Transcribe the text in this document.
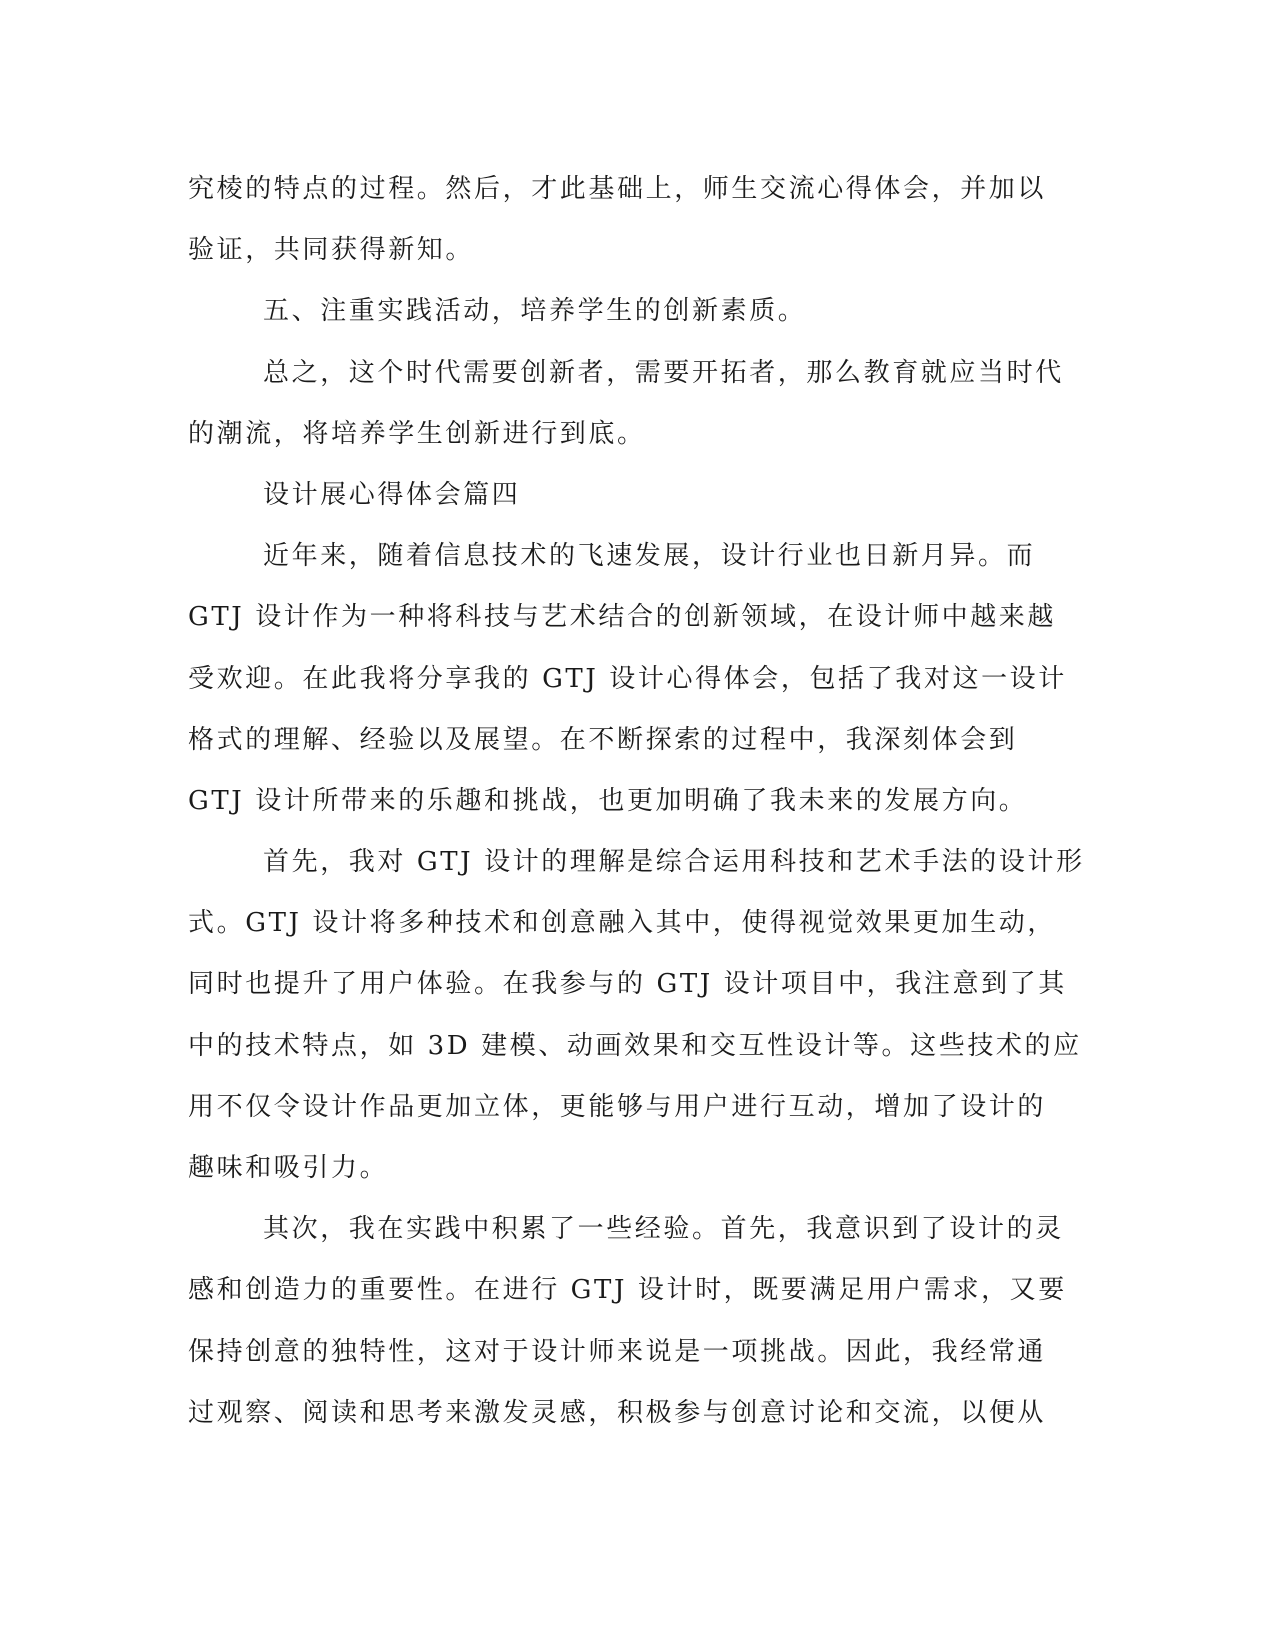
究棱的特点的过程。然后，才此基础上，师生交流心得体会，并加以
验证，共同获得新知。
五、注重实践活动，培养学生的创新素质。
总之，这个时代需要创新者，需要开拓者，那么教育就应当时代
的潮流，将培养学生创新进行到底。
设计展心得体会篇四
近年来，随着信息技术的飞速发展，设计行业也日新月异。而
GTJ 设计作为一种将科技与艺术结合的创新领域，在设计师中越来越
受欢迎。在此我将分享我的 GTJ 设计心得体会，包括了我对这一设计
格式的理解、经验以及展望。在不断探索的过程中，我深刻体会到
GTJ 设计所带来的乐趣和挑战，也更加明确了我未来的发展方向。
首先，我对 GTJ 设计的理解是综合运用科技和艺术手法的设计形
式。GTJ 设计将多种技术和创意融入其中，使得视觉效果更加生动，
同时也提升了用户体验。在我参与的 GTJ 设计项目中，我注意到了其
中的技术特点，如 3D 建模、动画效果和交互性设计等。这些技术的应
用不仅令设计作品更加立体，更能够与用户进行互动，增加了设计的
趣味和吸引力。
其次，我在实践中积累了一些经验。首先，我意识到了设计的灵
感和创造力的重要性。在进行 GTJ 设计时，既要满足用户需求，又要
保持创意的独特性，这对于设计师来说是一项挑战。因此，我经常通
过观察、阅读和思考来激发灵感，积极参与创意讨论和交流，以便从
